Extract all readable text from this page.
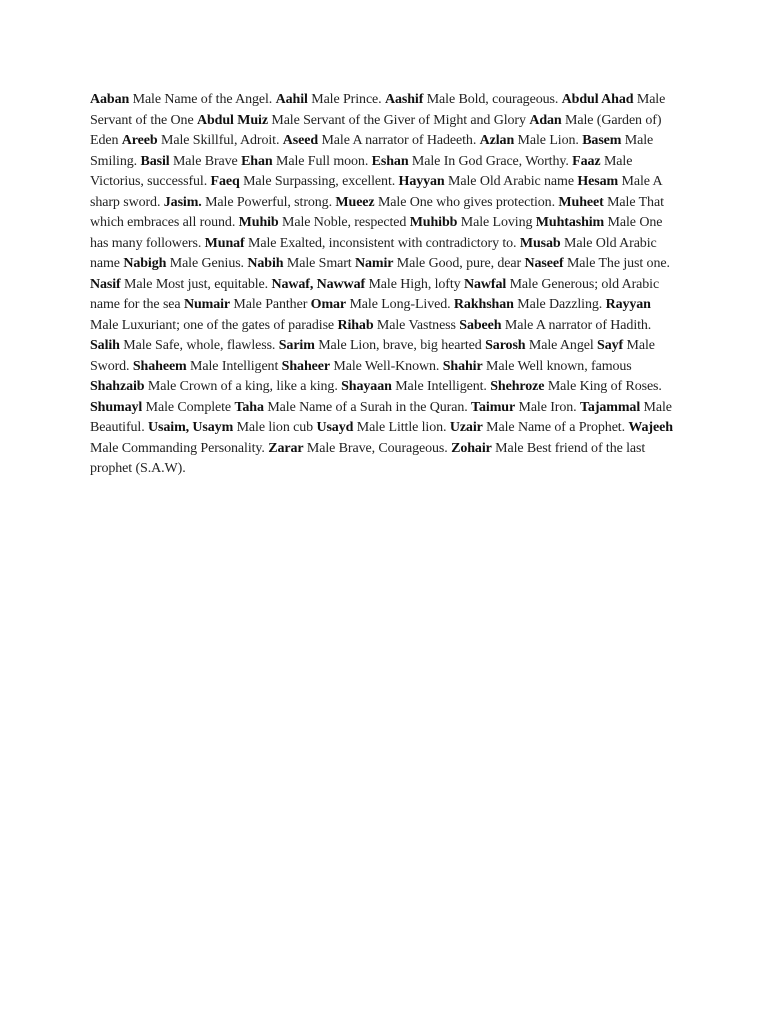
Aaban Male Name of the Angel. Aahil Male Prince. Aashif Male Bold, courageous. Abdul Ahad Male Servant of the One Abdul Muiz Male Servant of the Giver of Might and Glory Adan Male (Garden of) Eden Areeb Male Skillful, Adroit. Aseed Male A narrator of Hadeeth. Azlan Male Lion. Basem Male Smiling. Basil Male Brave Ehan Male Full moon. Eshan Male In God Grace, Worthy. Faaz Male Victorius, successful. Faeq Male Surpassing, excellent. Hayyan Male Old Arabic name Hesam Male A sharp sword. Jasim. Male Powerful, strong. Mueez Male One who gives protection. Muheet Male That which embraces all round. Muhib Male Noble, respected Muhibb Male Loving Muhtashim Male One has many followers. Munaf Male Exalted, inconsistent with contradictory to. Musab Male Old Arabic name Nabigh Male Genius. Nabih Male Smart Namir Male Good, pure, dear Naseef Male The just one. Nasif Male Most just, equitable. Nawaf, Nawwaf Male High, lofty Nawfal Male Generous; old Arabic name for the sea Numair Male Panther Omar Male Long-Lived. Rakhshan Male Dazzling. Rayyan Male Luxuriant; one of the gates of paradise Rihab Male Vastness Sabeeh Male A narrator of Hadith. Salih Male Safe, whole, flawless. Sarim Male Lion, brave, big hearted Sarosh Male Angel Sayf Male Sword. Shaheem Male Intelligent Shaheer Male Well-Known. Shahir Male Well known, famous Shahzaib Male Crown of a king, like a king. Shayaan Male Intelligent. Shehroze Male King of Roses. Shumayl Male Complete Taha Male Name of a Surah in the Quran. Taimur Male Iron. Tajammal Male Beautiful. Usaim, Usaym Male lion cub Usayd Male Little lion. Uzair Male Name of a Prophet. Wajeeh Male Commanding Personality. Zarar Male Brave, Courageous. Zohair Male Best friend of the last prophet (S.A.W).
